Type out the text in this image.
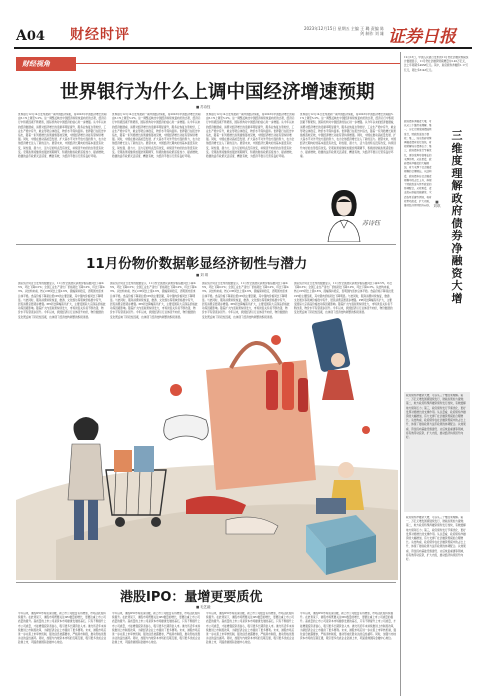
A04 财经时评	2023年12月15日 星期五 主编 王 璐 责编 陈 剑 制作 刘 雄 证券日报
财经视角
世界银行为什么上调中国经济增速预期
■ 苏诗钰
世界银行12月14日发布最新一期中国经济简报，将2023年中国经济增长预期由5.1%上调至5.2%。这一调整反映出中国经济持续恢复向好的态势，经济运行中积极因素不断累积，国际机构对中国经济的信心进一步增强。从今年以来的经济数据看，消费对经济增长的贡献率明显提升，服务业恢复态势较好，工业生产稳中有升，就业形势总体稳定，物价水平保持温和。世界银行在报告中指出，随着一系列稳增长政策措施落地见效，中国经济增长动能有望持续增强。同时，中国在推动高质量发展、扩大高水平对外开放方面的努力，也为全球经济增长注入了新的活力。展望未来，中国经济长期向好的基本面没有改变，韧性强、潜力大、活力足的特点没有改变，持续回升向好的态势没有改变。宏观政策将继续加强逆周期调节，积极的财政政策适度加力、提质增效，稳健的货币政策灵活适度、精准有效，为经济平稳运行营造良好环境。
世界银行12月14日发布最新一期中国经济简报，将2023年中国经济增长预期由5.1%上调至5.2%。这一调整反映出中国经济持续恢复向好的态势，经济运行中积极因素不断累积，国际机构对中国经济的信心进一步增强。从今年以来的经济数据看，消费对经济增长的贡献率明显提升，服务业恢复态势较好，工业生产稳中有升，就业形势总体稳定，物价水平保持温和。世界银行在报告中指出，随着一系列稳增长政策措施落地见效，中国经济增长动能有望持续增强。同时，中国在推动高质量发展、扩大高水平对外开放方面的努力，也为全球经济增长注入了新的活力。展望未来，中国经济长期向好的基本面没有改变，韧性强、潜力大、活力足的特点没有改变，持续回升向好的态势没有改变。宏观政策将继续加强逆周期调节，积极的财政政策适度加力、提质增效，稳健的货币政策灵活适度、精准有效，为经济平稳运行营造良好环境。
世界银行12月14日发布最新一期中国经济简报，将2023年中国经济增长预期由5.1%上调至5.2%。这一调整反映出中国经济持续恢复向好的态势，经济运行中积极因素不断累积，国际机构对中国经济的信心进一步增强。从今年以来的经济数据看，消费对经济增长的贡献率明显提升，服务业恢复态势较好，工业生产稳中有升，就业形势总体稳定，物价水平保持温和。世界银行在报告中指出，随着一系列稳增长政策措施落地见效，中国经济增长动能有望持续增强。同时，中国在推动高质量发展、扩大高水平对外开放方面的努力，也为全球经济增长注入了新的活力。展望未来，中国经济长期向好的基本面没有改变，韧性强、潜力大、活力足的特点没有改变，持续回升向好的态势没有改变。宏观政策将继续加强逆周期调节，积极的财政政策适度加力、提质增效，稳健的货币政策灵活适度、精准有效，为经济平稳运行营造良好环境。
世界银行12月14日发布最新一期中国经济简报，将2023年中国经济增长预期由5.1%上调至5.2%。这一调整反映出中国经济持续恢复向好的态势，经济运行中积极因素不断累积，国际机构对中国经济的信心进一步增强。从今年以来的经济数据看，消费对经济增长的贡献率明显提升，服务业恢复态势较好，工业生产稳中有升，就业形势总体稳定，物价水平保持温和。世界银行在报告中指出，随着一系列稳增长政策措施落地见效，中国经济增长动能有望持续增强。同时，中国在推动高质量发展、扩大高水平对外开放方面的努力，也为全球经济增长注入了新的活力。展望未来，中国经济长期向好的基本面没有改变，韧性强、潜力大、活力足的特点没有改变，持续回升向好的态势没有改变。宏观政策将继续加强逆周期调节，积极的财政政策适度加力、提质增效，稳健的货币政策灵活适度、精准有效，为经济平稳运行营造良好环境。
苏诗钰
11月份物价数据彰显经济韧性与潜力
■ 刘 琪
国家统计局近日发布的数据显示，11月份全国居民消费价格指数同比下降0.5%，环比下降0.5%；全国工业生产者出厂价格同比下降3.0%，环比下降0.3%。从结构来看，核心CPI同比上涨0.6%，涨幅保持稳定，表明国内需求总体平稳。食品价格下降是拉低CPI的主要因素，其中猪肉价格同比下降明显。与此同时，服务消费持续恢复，旅游、文化娱乐等领域价格稳中有升，居民消费意愿逐步增强。PPI同比降幅有所扩大，主要受国际大宗商品价格波动等因素影响。随着扩大内需政策持续发力，市场供需关系将不断改善，物价水平有望逐步回升。今年以来，我国经济运行总体回升向好，物价数据的变化既反映了阶段性因素，也体现了经济结构调整的积极进展。
国家统计局近日发布的数据显示，11月份全国居民消费价格指数同比下降0.5%，环比下降0.5%；全国工业生产者出厂价格同比下降3.0%，环比下降0.3%。从结构来看，核心CPI同比上涨0.6%，涨幅保持稳定，表明国内需求总体平稳。食品价格下降是拉低CPI的主要因素，其中猪肉价格同比下降明显。与此同时，服务消费持续恢复，旅游、文化娱乐等领域价格稳中有升，居民消费意愿逐步增强。PPI同比降幅有所扩大，主要受国际大宗商品价格波动等因素影响。随着扩大内需政策持续发力，市场供需关系将不断改善，物价水平有望逐步回升。今年以来，我国经济运行总体回升向好，物价数据的变化既反映了阶段性因素，也体现了经济结构调整的积极进展。
国家统计局近日发布的数据显示，11月份全国居民消费价格指数同比下降0.5%，环比下降0.5%；全国工业生产者出厂价格同比下降3.0%，环比下降0.3%。从结构来看，核心CPI同比上涨0.6%，涨幅保持稳定，表明国内需求总体平稳。食品价格下降是拉低CPI的主要因素，其中猪肉价格同比下降明显。与此同时，服务消费持续恢复，旅游、文化娱乐等领域价格稳中有升，居民消费意愿逐步增强。PPI同比降幅有所扩大，主要受国际大宗商品价格波动等因素影响。随着扩大内需政策持续发力，市场供需关系将不断改善，物价水平有望逐步回升。今年以来，我国经济运行总体回升向好，物价数据的变化既反映了阶段性因素，也体现了经济结构调整的积极进展。
国家统计局近日发布的数据显示，11月份全国居民消费价格指数同比下降0.5%，环比下降0.5%；全国工业生产者出厂价格同比下降3.0%，环比下降0.3%。从结构来看，核心CPI同比上涨0.6%，涨幅保持稳定，表明国内需求总体平稳。食品价格下降是拉低CPI的主要因素，其中猪肉价格同比下降明显。与此同时，服务消费持续恢复，旅游、文化娱乐等领域价格稳中有升，居民消费意愿逐步增强。PPI同比降幅有所扩大，主要受国际大宗商品价格波动等因素影响。随着扩大内需政策持续发力，市场供需关系将不断改善，物价水平有望逐步回升。今年以来，我国经济运行总体回升向好，物价数据的变化既反映了阶段性因素，也体现了经济结构调整的积极进展。
港股IPO：量增更要质优
■ 毛艺融
今年以来，港股IPO市场逐步回暖，新上市公司数量有所增加，市场活跃度持续提升。在此背景下，港股市场既要关注IPO数量的增长，更要注重上市公司质量的提升。高质量的上市公司是资本市场健康发展的基石，只有不断提升上市公司质量，才能增强投资者信心，吸引更多长期资金入市。港交所近年来持续推进上市制度改革，为新经济企业上市提供了更多便利。未来，港股市场应进一步完善上市审核机制，强化信息披露要求，严格退市制度，推动形成优胜劣汰的良性循环。同时，加强与内地资本市场的互联互通，吸引更多优质企业赴港上市，巩固香港国际金融中心地位。
今年以来，港股IPO市场逐步回暖，新上市公司数量有所增加，市场活跃度持续提升。在此背景下，港股市场既要关注IPO数量的增长，更要注重上市公司质量的提升。高质量的上市公司是资本市场健康发展的基石，只有不断提升上市公司质量，才能增强投资者信心，吸引更多长期资金入市。港交所近年来持续推进上市制度改革，为新经济企业上市提供了更多便利。未来，港股市场应进一步完善上市审核机制，强化信息披露要求，严格退市制度，推动形成优胜劣汰的良性循环。同时，加强与内地资本市场的互联互通，吸引更多优质企业赴港上市，巩固香港国际金融中心地位。
今年以来，港股IPO市场逐步回暖，新上市公司数量有所增加，市场活跃度持续提升。在此背景下，港股市场既要关注IPO数量的增长，更要注重上市公司质量的提升。高质量的上市公司是资本市场健康发展的基石，只有不断提升上市公司质量，才能增强投资者信心，吸引更多长期资金入市。港交所近年来持续推进上市制度改革，为新经济企业上市提供了更多便利。未来，港股市场应进一步完善上市审核机制，强化信息披露要求，严格退市制度，推动形成优胜劣汰的良性循环。同时，加强与内地资本市场的互联互通，吸引更多优质企业赴港上市，巩固香港国际金融中心地位。
今年以来，港股IPO市场逐步回暖，新上市公司数量有所增加，市场活跃度持续提升。在此背景下，港股市场既要关注IPO数量的增长，更要注重上市公司质量的提升。高质量的上市公司是资本市场健康发展的基石，只有不断提升上市公司质量，才能增强投资者信心，吸引更多长期资金入市。港交所近年来持续推进上市制度改革，为新经济企业上市提供了更多便利。未来，港股市场应进一步完善上市审核机制，强化信息披露要求，严格退市制度，推动形成优胜劣汰的良性循环。同时，加强与内地资本市场的互联互通，吸引更多优质企业赴港上市，巩固香港国际金融中心地位。
12月13日，中国人民银行发布的11月份社会融资规模统计数据显示，11月份社会融资规模增量为2.45万亿元，比上年同期多4958亿元。其中，政府债券净融资1.17万亿元，同比多6143亿元。
三维度理解政府债券净融资大增
■ 刘琪
政府债券净融资大增，可以从三个维度来理解。第一，万亿元增发国债陆续发行，财政政策加力提效；第二，地方政府特殊再融资债券发行加快，有效缓解地方债务压力；第三，政府债券发行节奏优化，更好发挥对稳增长的支撑作用。从总量看，政府债券净融资的大幅增加，有力支撑了社会融资规模的合理增长。从结构看，政府债券在社会融资规模中的占比上升，体现了财政政策与货币政策的协调配合。从效果看，资金投向基础设施建设、灾后恢复重建等领域，将有效带动投资，扩大内需，推动经济持续回升向好。
政府债券净融资大增，可以从三个维度来理解。第一，万亿元增发国债陆续发行，财政政策加力提效；第二，地方政府特殊再融资债券发行加快，有效缓解地方债务压力；第三，政府债券发行节奏优化，更好发挥对稳增长的支撑作用。从总量看，政府债券净融资的大幅增加，有力支撑了社会融资规模的合理增长。从结构看，政府债券在社会融资规模中的占比上升，体现了财政政策与货币政策的协调配合。从效果看，资金投向基础设施建设、灾后恢复重建等领域，将有效带动投资，扩大内需，推动经济持续回升向好。
政府债券净融资大增，可以从三个维度来理解。第一，万亿元增发国债陆续发行，财政政策加力提效；第二，地方政府特殊再融资债券发行加快，有效缓解地方债务压力；第三，政府债券发行节奏优化，更好发挥对稳增长的支撑作用。从总量看，政府债券净融资的大幅增加，有力支撑了社会融资规模的合理增长。从结构看，政府债券在社会融资规模中的占比上升，体现了财政政策与货币政策的协调配合。从效果看，资金投向基础设施建设、灾后恢复重建等领域，将有效带动投资，扩大内需，推动经济持续回升向好。
